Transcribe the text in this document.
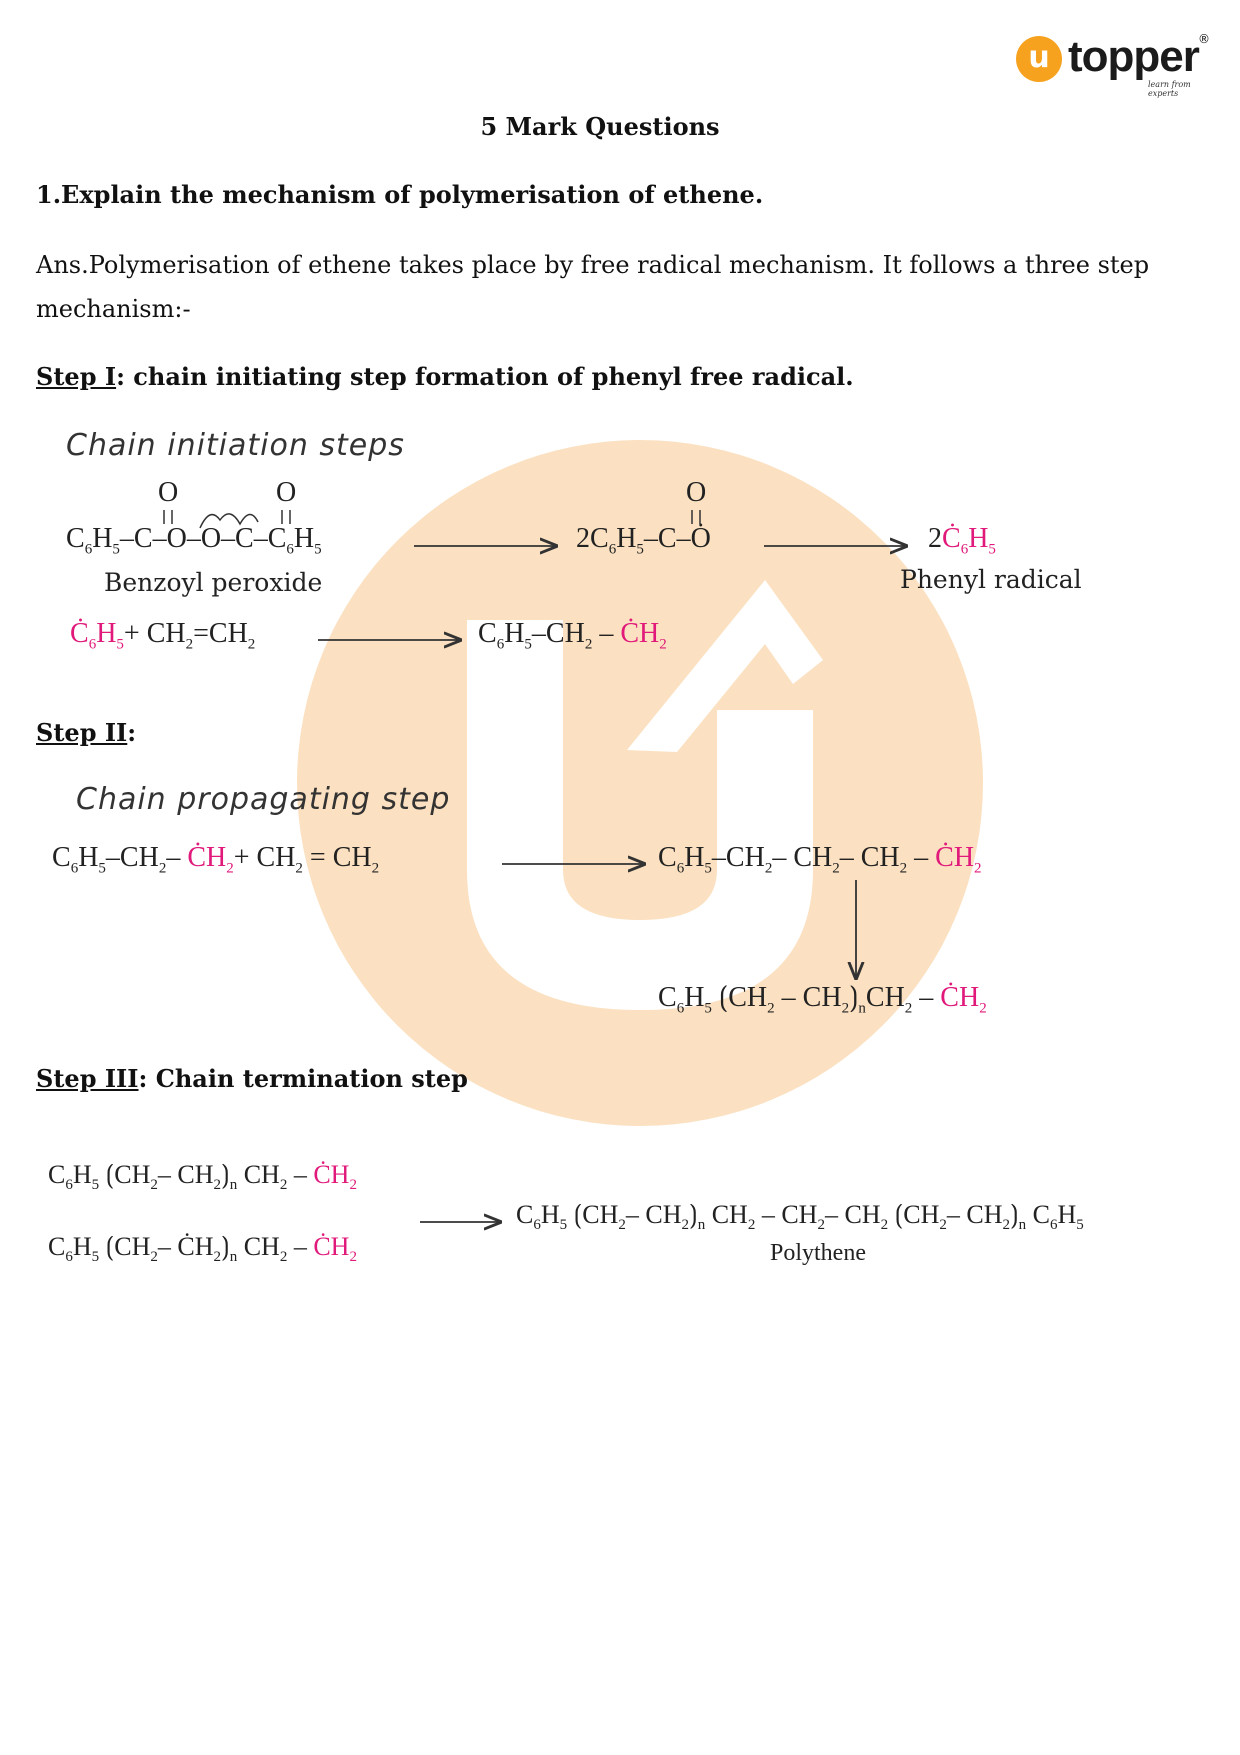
u topper ®
learn from experts
5 Mark Questions
1.Explain the mechanism of polymerisation of ethene.
Ans.Polymerisation of ethene takes place by free radical mechanism. It follows a three step mechanism:-
Step I: chain initiating step formation of phenyl free radical.
Chain initiation steps
$C_6H_5-C-O-O-C-C_6H_5$
O	O
Benzoyl peroxide
$2C_6H_5-C-Ȯ$
O
$2Ċ_6H_5$
Phenyl radical
$Ċ_6H_5+ CH_2=CH_2$	$C_6H_5-CH_2$ – $ĊH_2$
Step II:
Chain propagating step
$C_6H_5-CH_2-$ $ĊH_2+ CH_2 = CH_2$	$C_6H_5-CH_2-$ $CH_2-$ $CH_2$ – $ĊH_2$
$C_6H_5$ $⟮CH_2$ – $CH_2⟯_nCH_2$ – $ĊH_2$
Step III: Chain termination step
$C_6H_5$ $⟮CH_2-$ $CH_2⟯_n$ $CH_2$ – $ĊH_2$
$C_6H_5$ $⟮CH_2-$ $ĊH_2⟯_n$ $CH_2$ – $ĊH_2$
$C_6H_5$ $⟮CH_2-$ $CH_2⟯_n$ $CH_2 - CH_2-$ $CH_2$ $⟮CH_2-$ $CH_2⟯_n$ $C_6H_5$
Polythene
